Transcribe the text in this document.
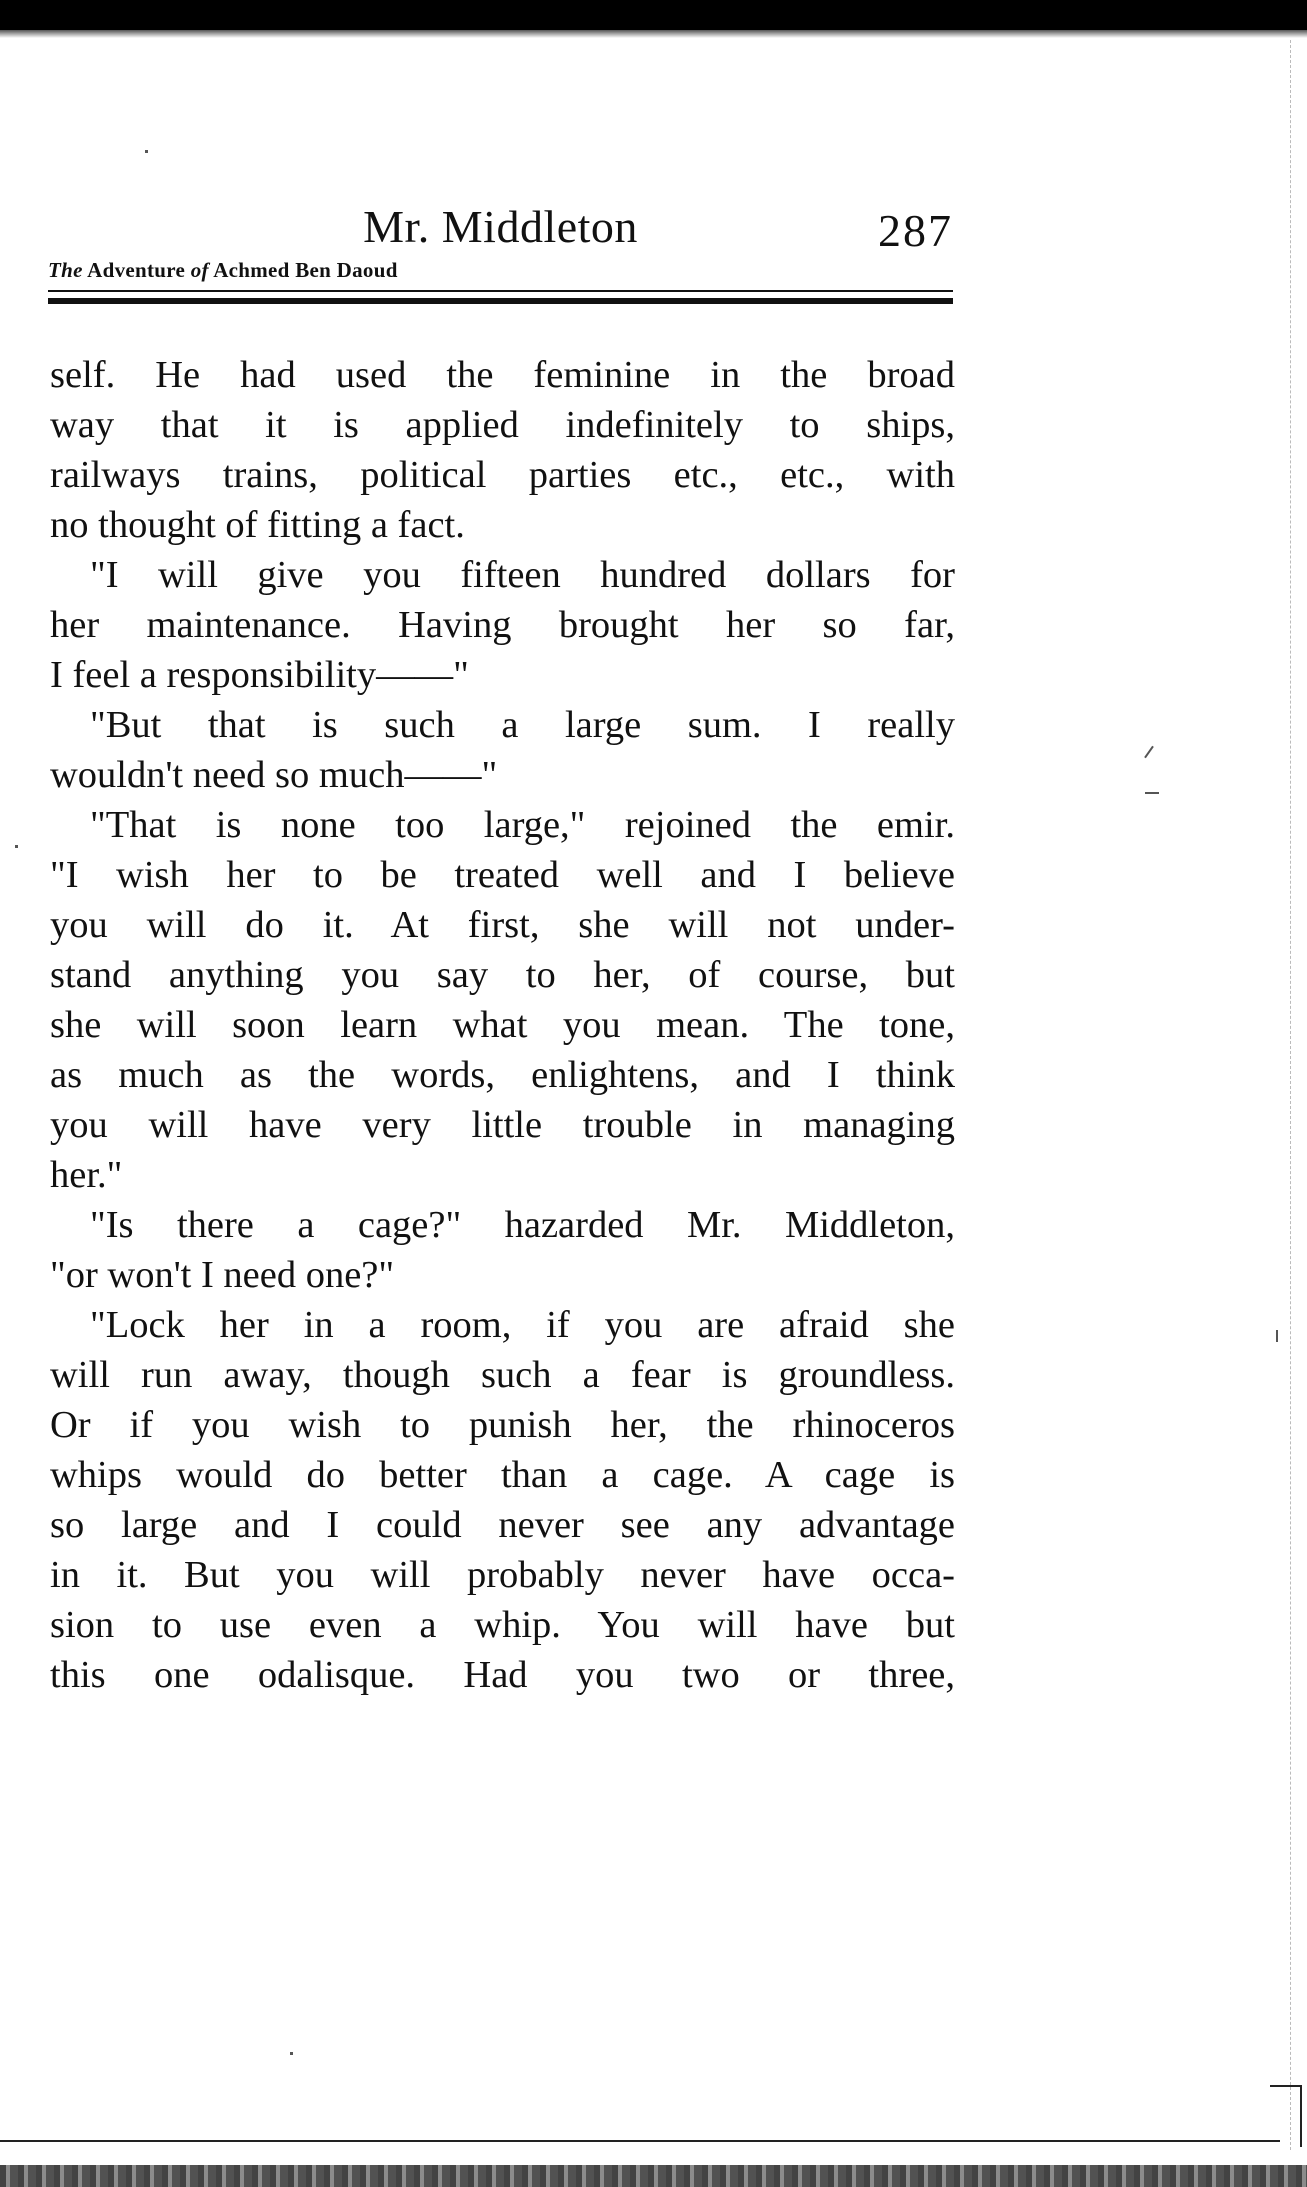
Mr. Middleton	287
The Adventure of Achmed Ben Daoud
self. He had used the feminine in the broad
way that it is applied indefinitely to ships,
railways trains, political parties etc., etc., with
no thought of fitting a fact.
"I will give you fifteen hundred dollars for
her maintenance. Having brought her so far,
I feel a responsibility——"
"But that is such a large sum. I really
wouldn't need so much——"
"That is none too large," rejoined the emir.
"I wish her to be treated well and I believe
you will do it. At first, she will not under-
stand anything you say to her, of course, but
she will soon learn what you mean. The tone,
as much as the words, enlightens, and I think
you will have very little trouble in managing
her."
"Is there a cage?" hazarded Mr. Middleton,
"or won't I need one?"
"Lock her in a room, if you are afraid she
will run away, though such a fear is groundless.
Or if you wish to punish her, the rhinoceros
whips would do better than a cage. A cage is
so large and I could never see any advantage
in it. But you will probably never have occa-
sion to use even a whip. You will have but
this one odalisque. Had you two or three,
